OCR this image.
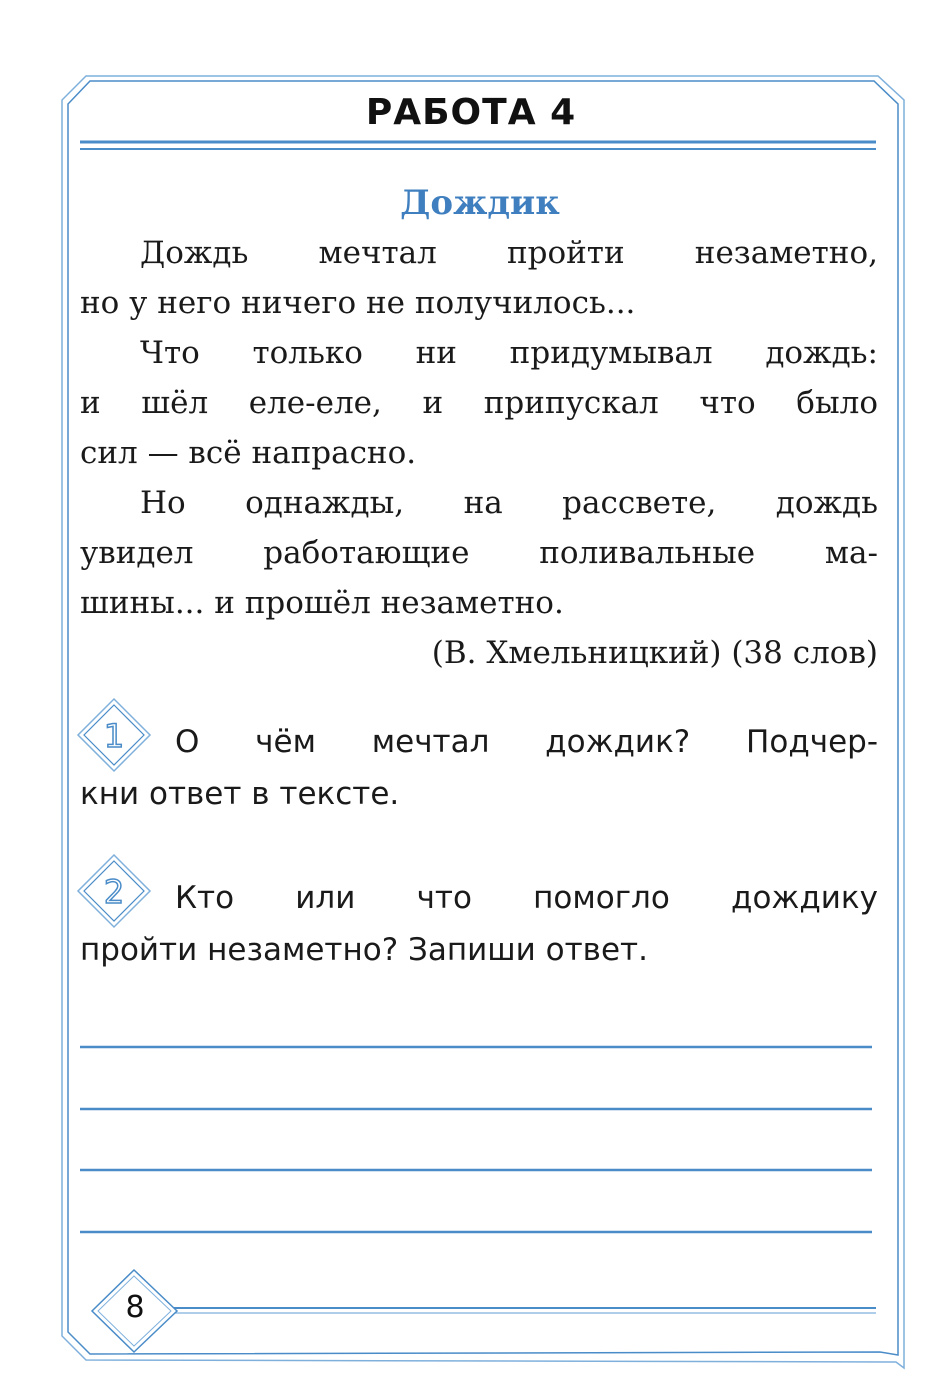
РАБОТА 4
Дождик
Дождь мечтал пройти незаметно,
но у него ничего не получилось...
Что только ни придумывал дождь:
и шёл еле-еле, и припускал что было
сил — всё напрасно.
Но однажды, на рассвете, дождь
увидел работающие поливальные ма-
шины... и прошёл незаметно.
(В. Хмельницкий) (38 слов)
1	О чём мечтал дождик? Подчер-
кни ответ в тексте.
2	Кто или что помогло дождику
пройти незаметно? Запиши ответ.
8
